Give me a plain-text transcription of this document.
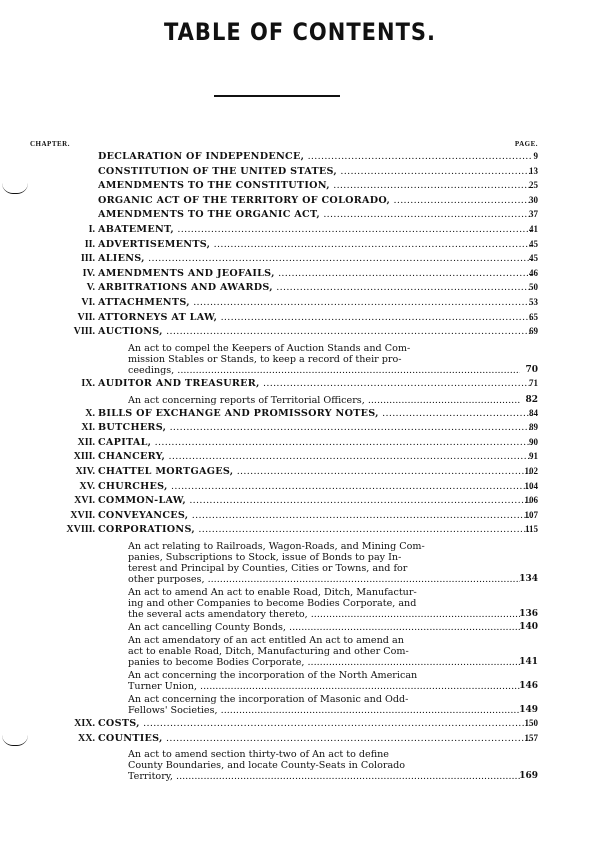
TABLE OF CONTENTS.
CHAPTER.	PAGE.
DECLARATION OF INDEPENDENCE, .....	9
CONSTITUTION OF THE UNITED STATES, .....	13
AMENDMENTS TO THE CONSTITUTION, .....	25
ORGANIC ACT OF THE TERRITORY OF COLORADO, .....	30
AMENDMENTS TO THE ORGANIC ACT, .....	37
I. ABATEMENT, .....	41
II. ADVERTISEMENTS, .....	45
III. ALIENS, .....	45
IV. AMENDMENTS AND JEOFAILS, .....	46
V. ARBITRATIONS AND AWARDS, .....	50
VI. ATTACHMENTS, .....	53
VII. ATTORNEYS AT LAW, .....	65
VIII. AUCTIONS, .....	69
An act to compel the Keepers of Auction Stands and Com-
mission Stables or Stands, to keep a record of their pro-
ceedings, .....	70
IX. AUDITOR AND TREASURER, .....	71
An act concerning reports of Territorial Officers, .....	82
X. BILLS OF EXCHANGE AND PROMISSORY NOTES, .....	84
XI. BUTCHERS, .....	89
XII. CAPITAL, .....	90
XIII. CHANCERY, .....	91
XIV. CHATTEL MORTGAGES, .....	102
XV. CHURCHES, .....	104
XVI. COMMON-LAW, .....	106
XVII. CONVEYANCES, .....	107
XVIII. CORPORATIONS, .....	115
An act relating to Railroads, Wagon-Roads, and Mining Com-
panies, Subscriptions to Stock, issue of Bonds to pay In-
terest and Principal by Counties, Cities or Towns, and for
other purposes, .....	134
An act to amend An act to enable Road, Ditch, Manufactur-
ing and other Companies to become Bodies Corporate, and
the several acts amendatory thereto, .....	136
An act cancelling County Bonds, .....	140
An act amendatory of an act entitled An act to amend an
act to enable Road, Ditch, Manufacturing and other Com-
panies to become Bodies Corporate, .....	141
An act concerning the incorporation of the North American
Turner Union, .....	146
An act concerning the incorporation of Masonic and Odd-
Fellows' Societies, .....	149
XIX. COSTS, .....	150
XX. COUNTIES, .....	157
An act to amend section thirty-two of An act to define
County Boundaries, and locate County-Seats in Colorado
Territory, .....	169
